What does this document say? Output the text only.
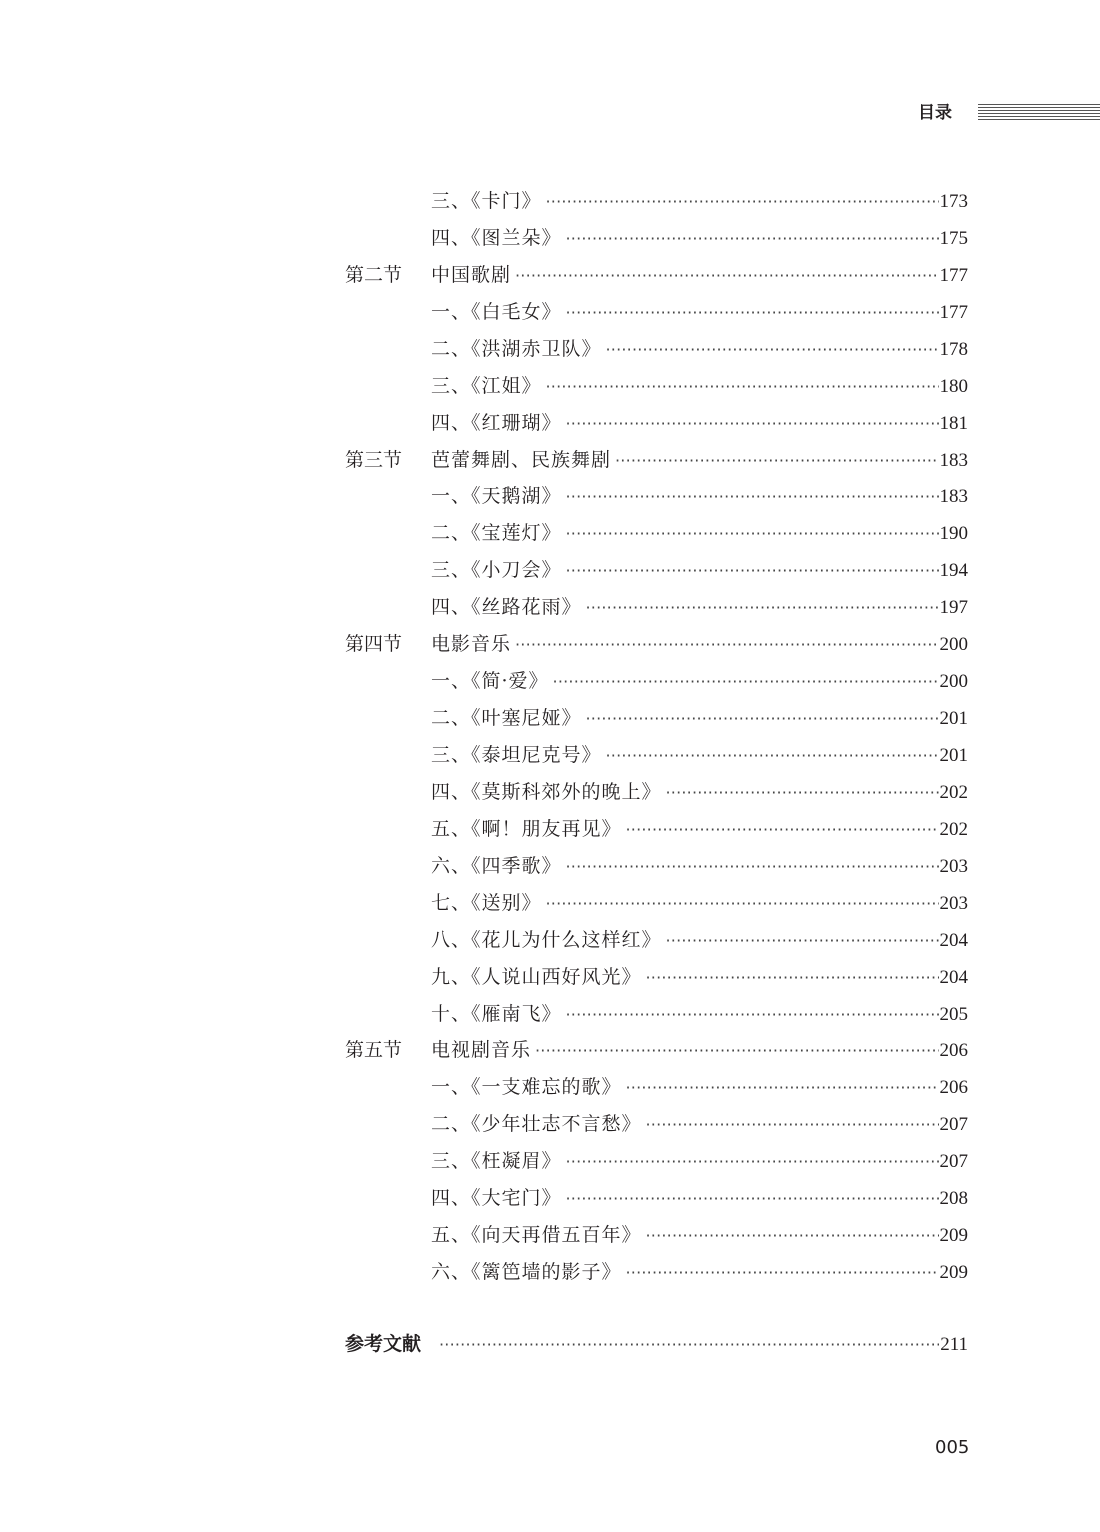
目录
三、《卡门》 ·····	173
四、《图兰朵》 ·····	175
第二节 中国歌剧 ·····	177
一、《白毛女》 ·····	177
二、《洪湖赤卫队》 ·····	178
三、《江姐》 ·····	180
四、《红珊瑚》 ·····	181
第三节 芭蕾舞剧、民族舞剧 ·····	183
一、《天鹅湖》 ·····	183
二、《宝莲灯》 ·····	190
三、《小刀会》 ·····	194
四、《丝路花雨》 ·····	197
第四节 电影音乐 ·····	200
一、《简·爱》 ·····	200
二、《叶塞尼娅》 ·····	201
三、《泰坦尼克号》 ·····	201
四、《莫斯科郊外的晚上》 ·····	202
五、《啊！朋友再见》 ·····	202
六、《四季歌》 ·····	203
七、《送别》 ·····	203
八、《花儿为什么这样红》 ·····	204
九、《人说山西好风光》 ·····	204
十、《雁南飞》 ·····	205
第五节 电视剧音乐 ·····	206
一、《一支难忘的歌》 ·····	206
二、《少年壮志不言愁》 ·····	207
三、《枉凝眉》 ·····	207
四、《大宅门》 ·····	208
五、《向天再借五百年》 ·····	209
六、《篱笆墙的影子》 ·····	209
参考文献 ·····	211
005
